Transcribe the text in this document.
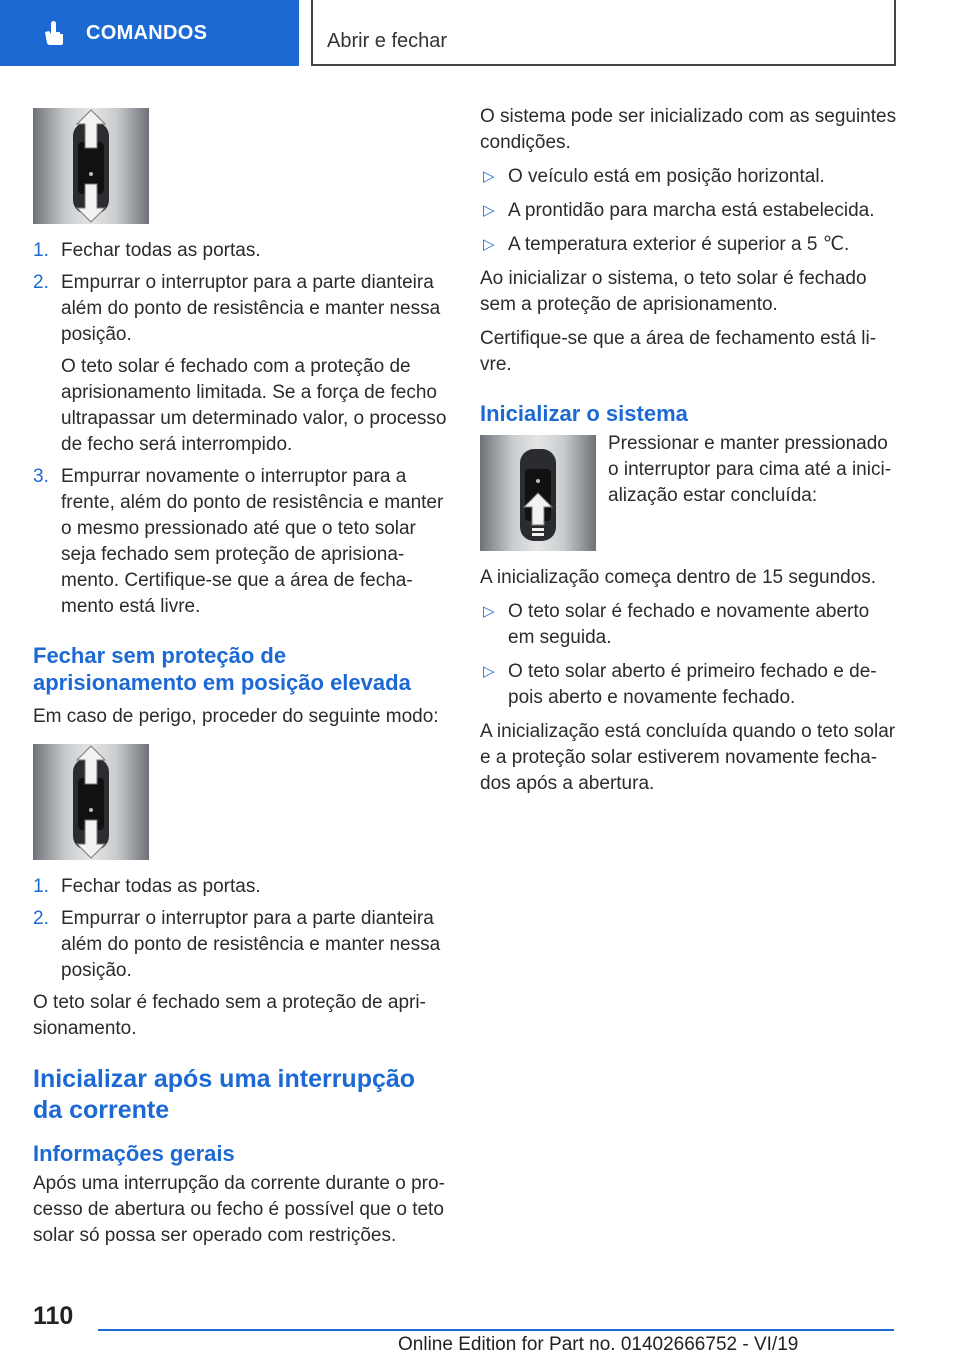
COMANDOS	Abrir e fechar
1. Fechar todas as portas.
2. Empurrar o interruptor para a parte dianteira além do ponto de resistência e manter nessa posição.
O teto solar é fechado com a proteção de aprisionamento limitada. Se a força de fecho ultrapassar um determinado valor, o processo de fecho será interrompido.
3. Empurrar novamente o interruptor para a frente, além do ponto de resistência e manter o mesmo pressionado até que o teto solar seja fechado sem proteção de aprisiona-mento. Certifique-se que a área de fecha-mento está livre.
Fechar sem proteção de aprisionamento em posição elevada

Em caso de perigo, proceder do seguinte modo:

1. Fechar todas as portas.
2. Empurrar o interruptor para a parte dianteira além do ponto de resistência e manter nessa posição.

O teto solar é fechado sem a proteção de apri-sionamento.

Inicializar após uma interrupção da corrente
Informações gerais

Após uma interrupção da corrente durante o pro-cesso de abertura ou fecho é possível que o teto solar só possa ser operado com restrições.

O sistema pode ser inicializado com as seguintes condições.

▷ O veículo está em posição horizontal.
▷ A prontidão para marcha está estabelecida.
▷ A temperatura exterior é superior a 5 ℃.

Ao inicializar o sistema, o teto solar é fechado sem a proteção de aprisionamento.

Certifique-se que a área de fechamento está li-vre.

Inicializar o sistema
Pressionar e manter pressionado o interruptor para cima até a inici-alização estar concluída:

A inicialização começa dentro de 15 segundos.

▷ O teto solar é fechado e novamente aberto em seguida.
▷ O teto solar aberto é primeiro fechado e de-pois aberto e novamente fechado.

A inicialização está concluída quando o teto solar e a proteção solar estiverem novamente fecha-dos após a abertura.

110
Online Edition for Part no. 01402666752 - VI/19
